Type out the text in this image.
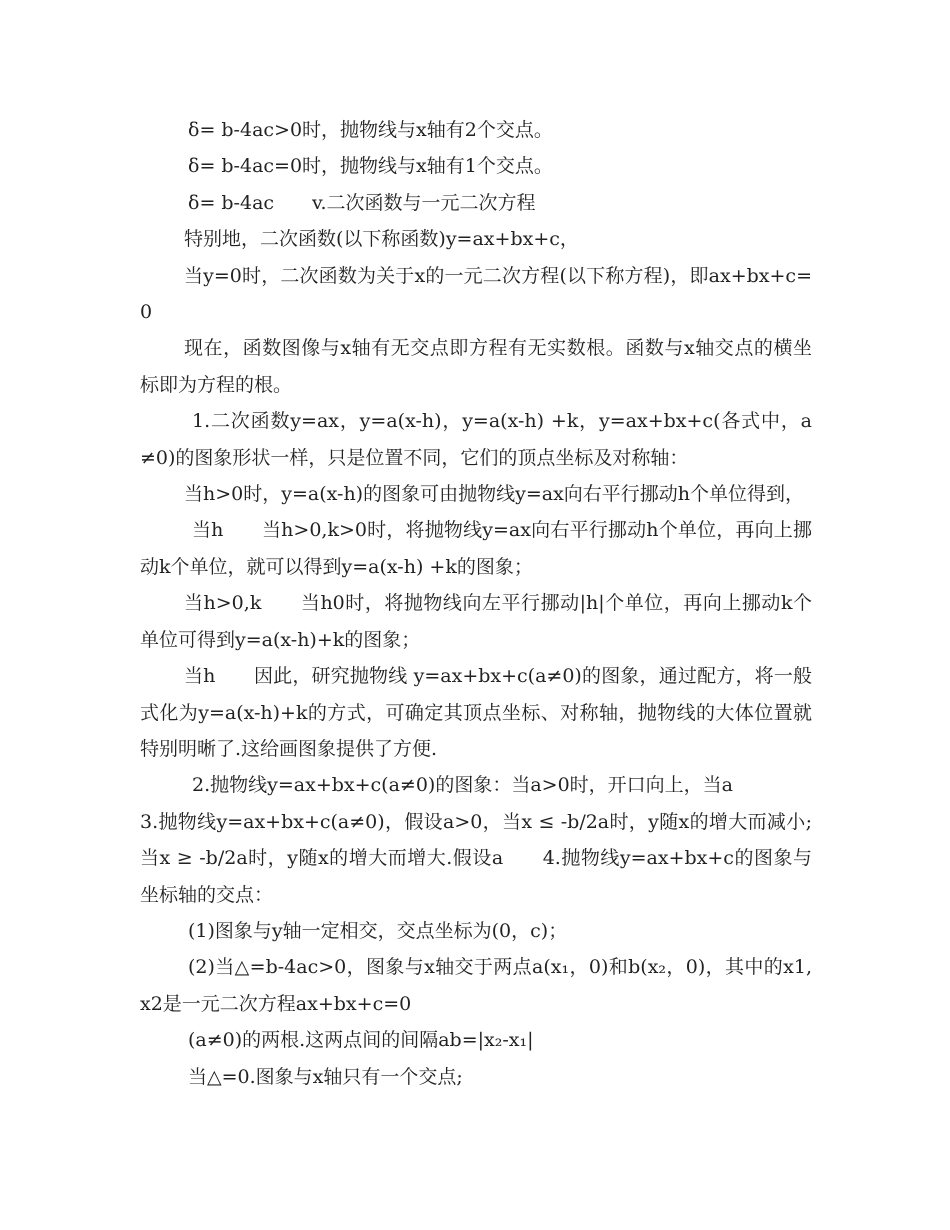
δ= b-4ac>0时，抛物线与x轴有2个交点。

δ= b-4ac=0时，抛物线与x轴有1个交点。

δ= b-4ac　　v.二次函数与一元二次方程

特别地，二次函数(以下称函数)y=ax+bx+c，

当y=0时，二次函数为关于x的一元二次方程(以下称方程)，即ax+bx+c=0

现在，函数图像与x轴有无交点即方程有无实数根。函数与x轴交点的横坐标即为方程的根。

1.二次函数y=ax，y=a(x-h)，y=a(x-h) +k，y=ax+bx+c(各式中，a≠0)的图象形状一样，只是位置不同，它们的顶点坐标及对称轴：

当h>0时，y=a(x-h)的图象可由抛物线y=ax向右平行挪动h个单位得到，

当h　　当h>0,k>0时，将抛物线y=ax向右平行挪动h个单位，再向上挪动k个单位，就可以得到y=a(x-h) +k的图象；

当h>0,k　　当h0时，将抛物线向左平行挪动|h|个单位，再向上挪动k个单位可得到y=a(x-h)+k的图象；

当h　　因此，研究抛物线 y=ax+bx+c(a≠0)的图象，通过配方，将一般式化为y=a(x-h)+k的方式，可确定其顶点坐标、对称轴，抛物线的大体位置就特别明晰了.这给画图象提供了方便.

2.抛物线y=ax+bx+c(a≠0)的图象：当a>0时，开口向上，当a

3.抛物线y=ax+bx+c(a≠0)，假设a>0，当x ≤ -b/2a时，y随x的增大而减小;当x ≥ -b/2a时，y随x的增大而增大.假设a　　4.抛物线y=ax+bx+c的图象与坐标轴的交点：

(1)图象与y轴一定相交，交点坐标为(0，c)；

(2)当△=b-4ac>0，图象与x轴交于两点a(x₁，0)和b(x₂，0)，其中的x1,x2是一元二次方程ax+bx+c=0

(a≠0)的两根.这两点间的间隔ab=|x₂-x₁|

当△=0.图象与x轴只有一个交点;
